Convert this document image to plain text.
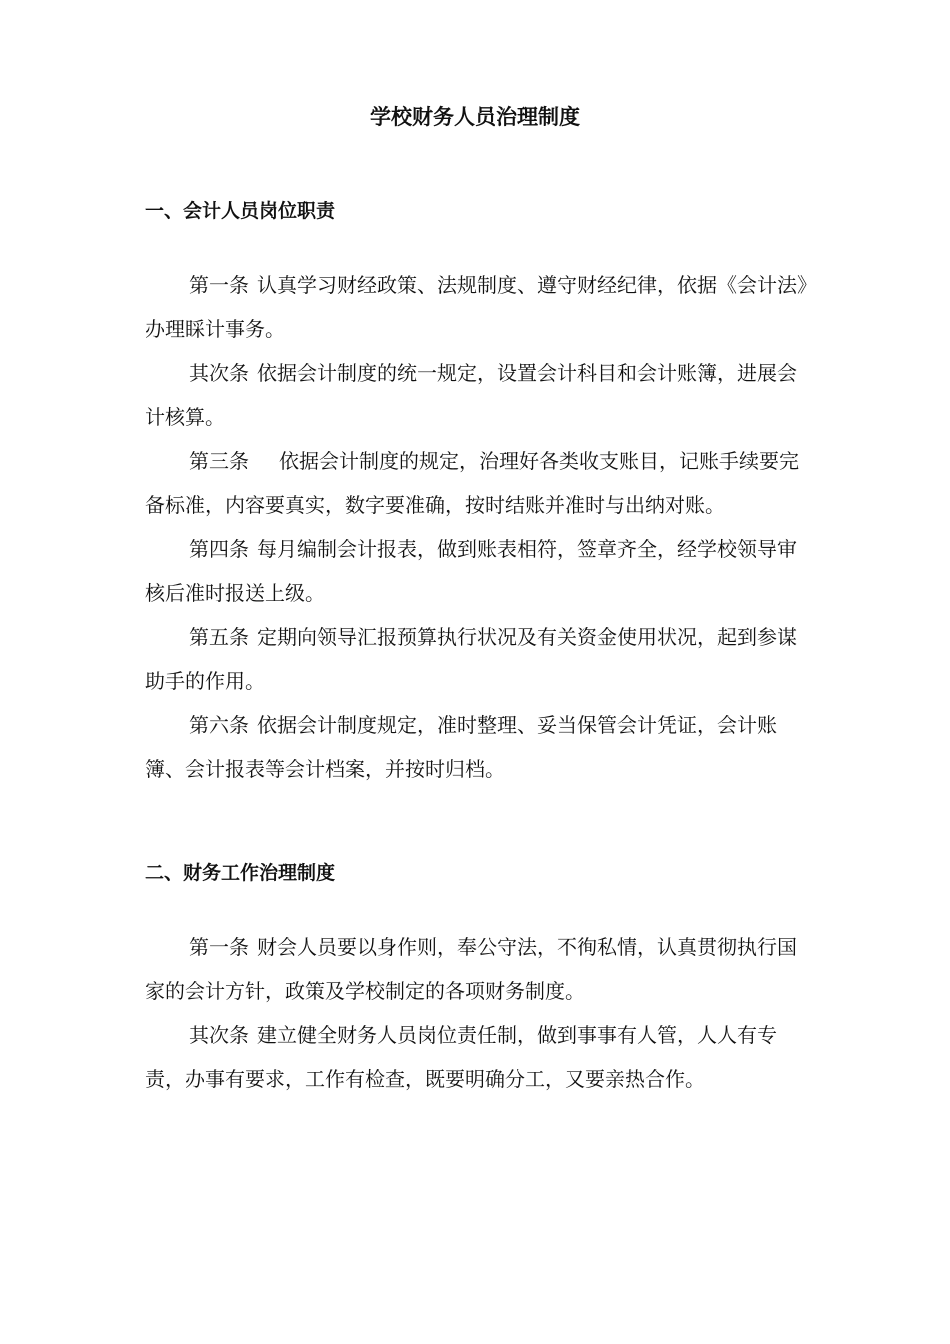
学校财务人员治理制度
一、会计人员岗位职责

第一条 认真学习财经政策、法规制度、遵守财经纪律，依据《会计法》办理睬计事务。

其次条 依据会计制度的统一规定，设置会计科目和会计账簿，进展会计核算。

第三条 依据会计制度的规定，治理好各类收支账目，记账手续要完备标准，内容要真实，数字要准确，按时结账并准时与出纳对账。

第四条 每月编制会计报表，做到账表相符，签章齐全，经学校领导审核后准时报送上级。

第五条 定期向领导汇报预算执行状况及有关资金使用状况，起到参谋助手的作用。

第六条 依据会计制度规定，准时整理、妥当保管会计凭证，会计账簿、会计报表等会计档案，并按时归档。

二、财务工作治理制度

第一条 财会人员要以身作则，奉公守法，不徇私情，认真贯彻执行国家的会计方针，政策及学校制定的各项财务制度。

其次条 建立健全财务人员岗位责任制，做到事事有人管，人人有专责，办事有要求，工作有检查，既要明确分工，又要亲热合作。
